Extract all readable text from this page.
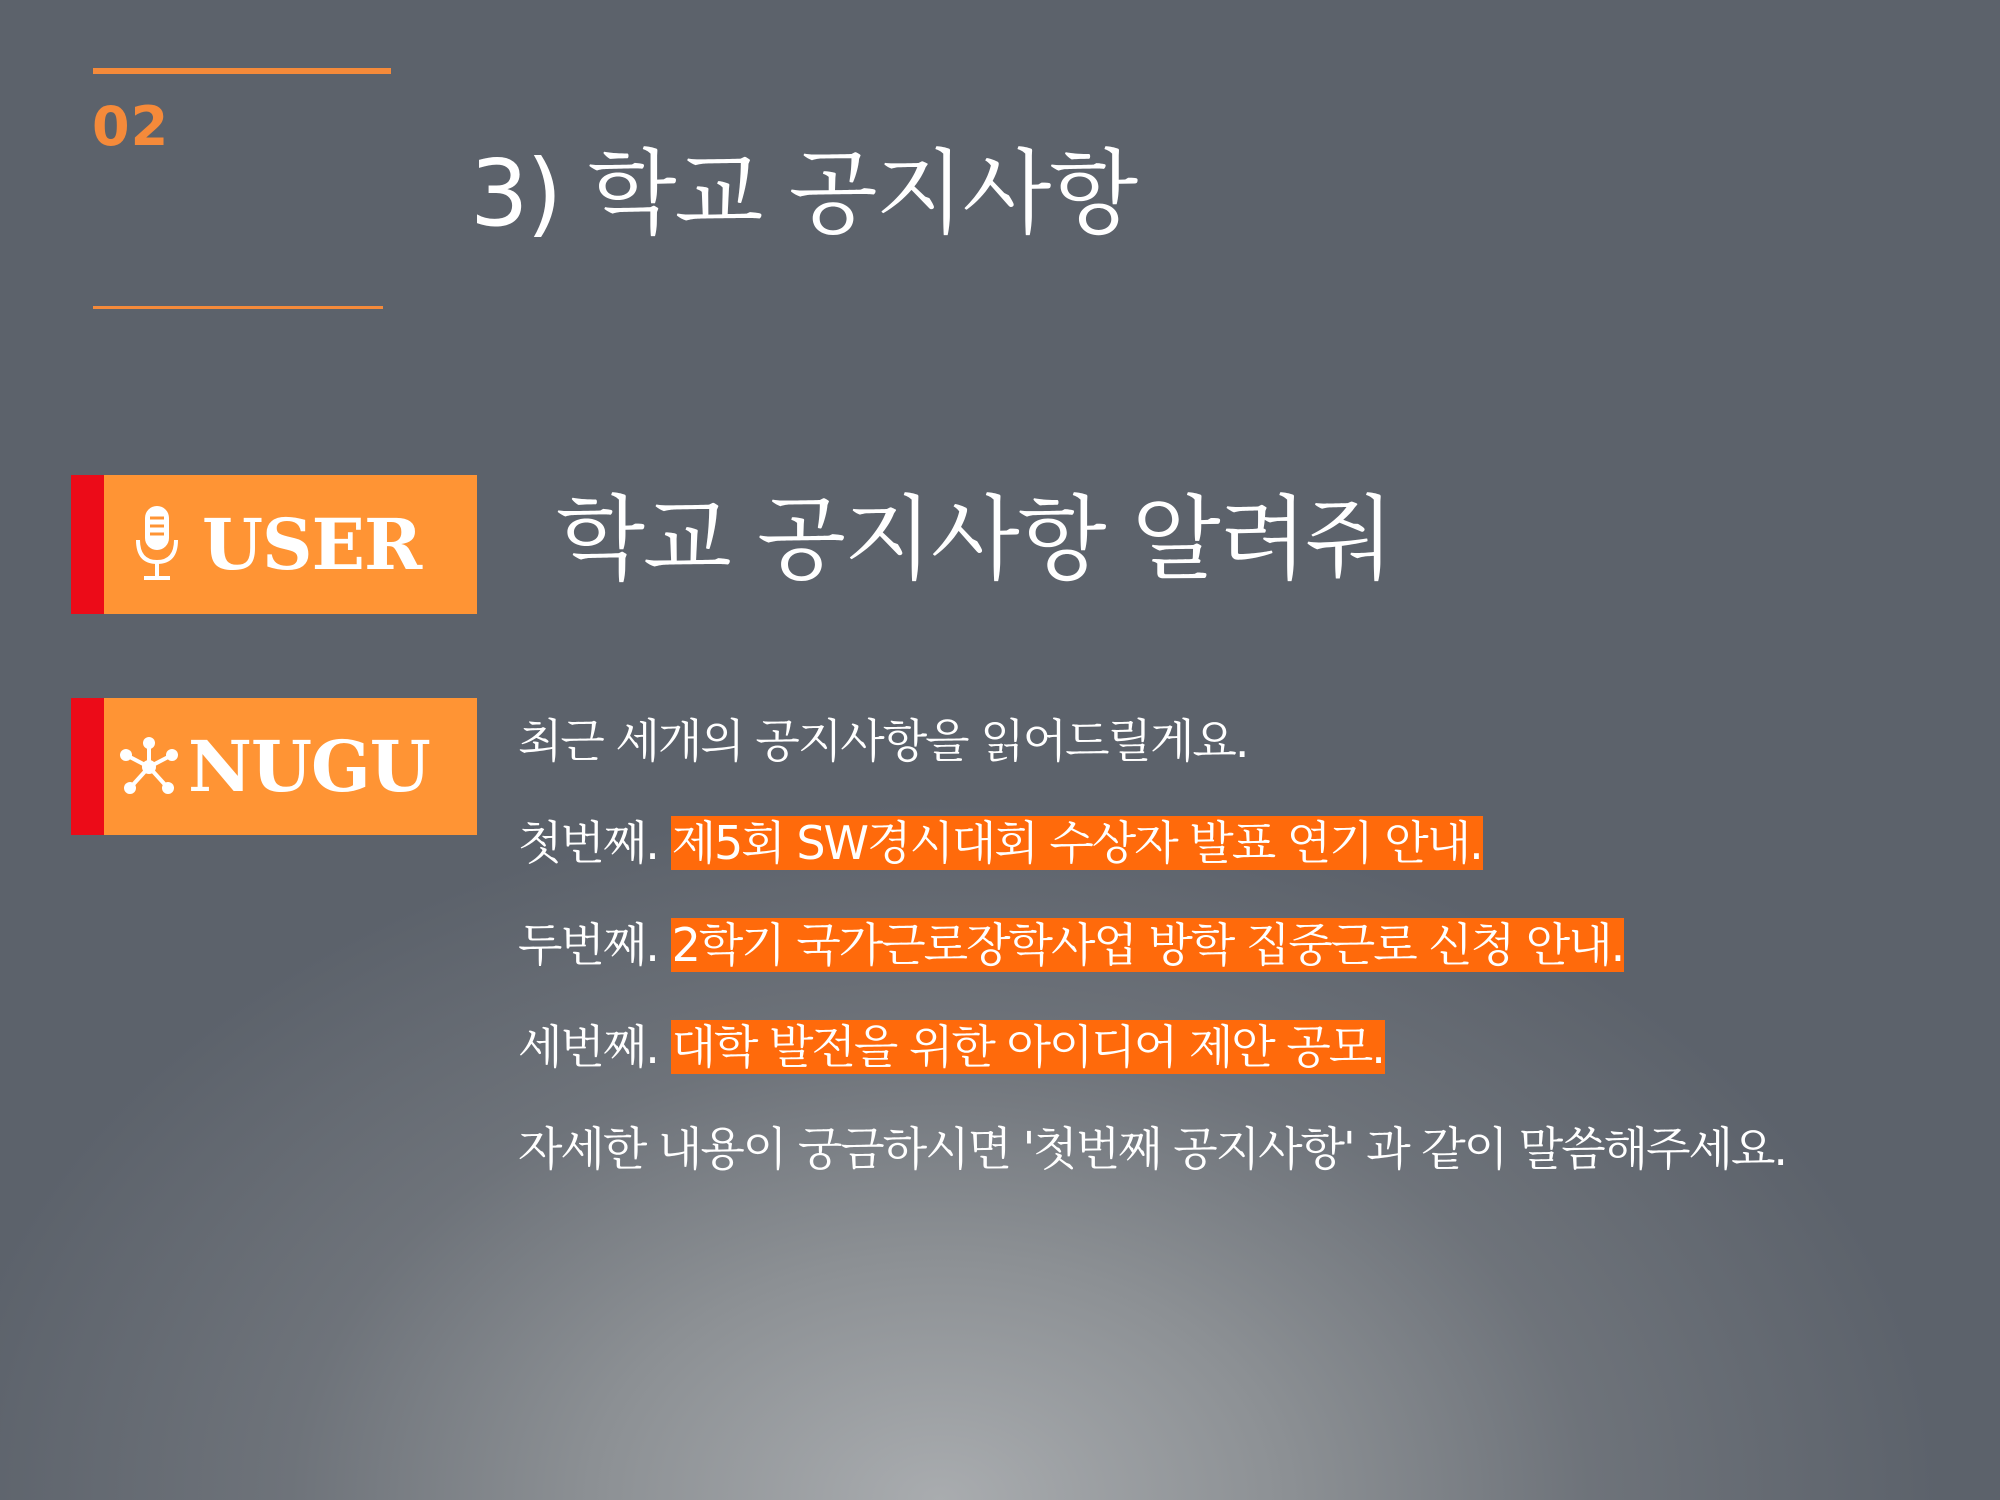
02
3) 학교 공지사항
USER 학교 공지사항 알려줘
NUGU 최근 세개의 공지사항을 읽어드릴게요.
첫번째. 제5회 SW경시대회 수상자 발표 연기 안내.
두번째. 2학기 국가근로장학사업 방학 집중근로 신청 안내.
세번째. 대학 발전을 위한 아이디어 제안 공모.
자세한 내용이 궁금하시면 '첫번째 공지사항' 과 같이 말씀해주세요.
